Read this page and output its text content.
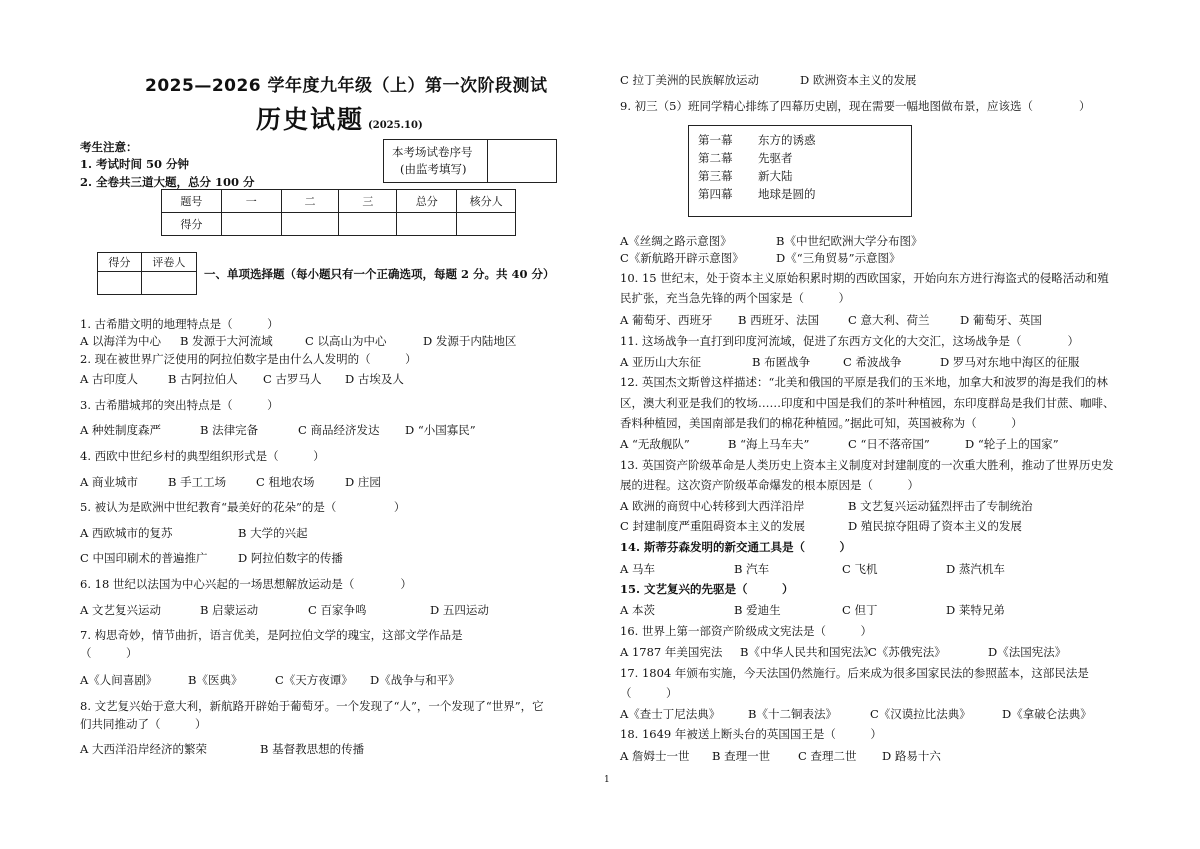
2025—2026 学年度九年级（上）第一次阶段测试
历史试题 (2025.10)
考生注意：
1. 考试时间 50 分钟
2. 全卷共三道大题，总分 100 分
本考场试卷序号
(由监考填写)
题号	一	二	三	总分	核分人
得分					
得分	评卷人

一、单项选择题（每小题只有一个正确选项，每题 2 分。共 40 分）
1
1. 古希腊文明的地理特点是（　　　）
A 以海洋为中心 B 发源于大河流域	C 以高山为中心	D 发源于内陆地区
2. 现在被世界广泛使用的阿拉伯数字是由什么人发明的（　　　）
A 古印度人	B 古阿拉伯人 C 古罗马人 D 古埃及人
3. 古希腊城邦的突出特点是（　　　）
A 种姓制度森严	B 法律完备	C 商品经济发达 D “小国寡民”
4. 西欧中世纪乡村的典型组织形式是（　　　）
A 商业城市	B 手工工场	C 租地农场	D 庄园
5. 被认为是欧洲中世纪教育“最美好的花朵”的是（　　　　　）
A 西欧城市的复苏	B 大学的兴起
C 中国印刷术的普遍推广	D 阿拉伯数字的传播
6. 18 世纪以法国为中心兴起的一场思想解放运动是（　　　　）
A 文艺复兴运动	B 启蒙运动	C 百家争鸣	D 五四运动
7. 构思奇妙，情节曲折，语言优美，是阿拉伯文学的瑰宝，这部文学作品是
（　　　）
A《人间喜剧》	B《医典》	C《天方夜谭》 D《战争与和平》
8. 文艺复兴始于意大利，新航路开辟始于葡萄牙。一个发现了“人”，一个发现了“世界”，它
们共同推动了（　　　）
A 大西洋沿岸经济的繁荣	B 基督教思想的传播
C 拉丁美洲的民族解放运动	D 欧洲资本主义的发展
9. 初三（5）班同学精心排练了四幕历史剧，现在需要一幅地图做布景，应该选（　　　　）
第一幕 东方的诱惑
第二幕 先驱者
第三幕 新大陆
第四幕 地球是圆的
A《丝绸之路示意图》	B《中世纪欧洲大学分布图》
C《新航路开辟示意图》	D《“三角贸易”示意图》
10. 15 世纪末，处于资本主义原始积累时期的西欧国家，开始向东方进行海盗式的侵略活动和殖
民扩张，充当急先锋的两个国家是（　　　）
A 葡萄牙、西班牙 B 西班牙、法国	C 意大利、荷兰	D 葡萄牙、英国
11. 这场战争一直打到印度河流域，促进了东西方文化的大交汇，这场战争是（　　　　）
A 亚历山大东征	B 布匿战争	C 希波战争	D 罗马对东地中海区的征服
12. 英国杰文斯曾这样描述：“北美和俄国的平原是我们的玉米地，加拿大和波罗的海是我们的林
区，澳大利亚是我们的牧场……印度和中国是我们的茶叶种植园，东印度群岛是我们甘蔗、咖啡、
香料种植园，美国南部是我们的棉花种植园。”据此可知，英国被称为（　　　）
A “无敌舰队”	B “海上马车夫”	C “日不落帝国”	D “轮子上的国家”
13. 英国资产阶级革命是人类历史上资本主义制度对封建制度的一次重大胜利，推动了世界历史发
展的进程。这次资产阶级革命爆发的根本原因是（　　　）
A 欧洲的商贸中心转移到大西洋沿岸	B 文艺复兴运动猛烈抨击了专制统治
C 封建制度严重阻碍资本主义的发展	D 殖民掠夺阻碍了资本主义的发展
14. 斯蒂芬森发明的新交通工具是（　　　）
A 马车	B 汽车	C 飞机	D 蒸汽机车
15. 文艺复兴的先驱是（　　　）
A 本茨	B 爱迪生	C 但丁	D 莱特兄弟
16. 世界上第一部资产阶级成文宪法是（　　　）
A 1787 年美国宪法 B《中华人民共和国宪法》
C《苏俄宪法》	D《法国宪法》
17. 1804 年颁布实施，今天法国仍然施行。后来成为很多国家民法的参照蓝本，这部民法是
（　　　）
A《查士丁尼法典》 B《十二铜表法》	C《汉谟拉比法典》	D《拿破仑法典》
18. 1649 年被送上断头台的英国国王是（　　　）
A 詹姆士一世 B 查理一世 C 查理二世 D 路易十六
